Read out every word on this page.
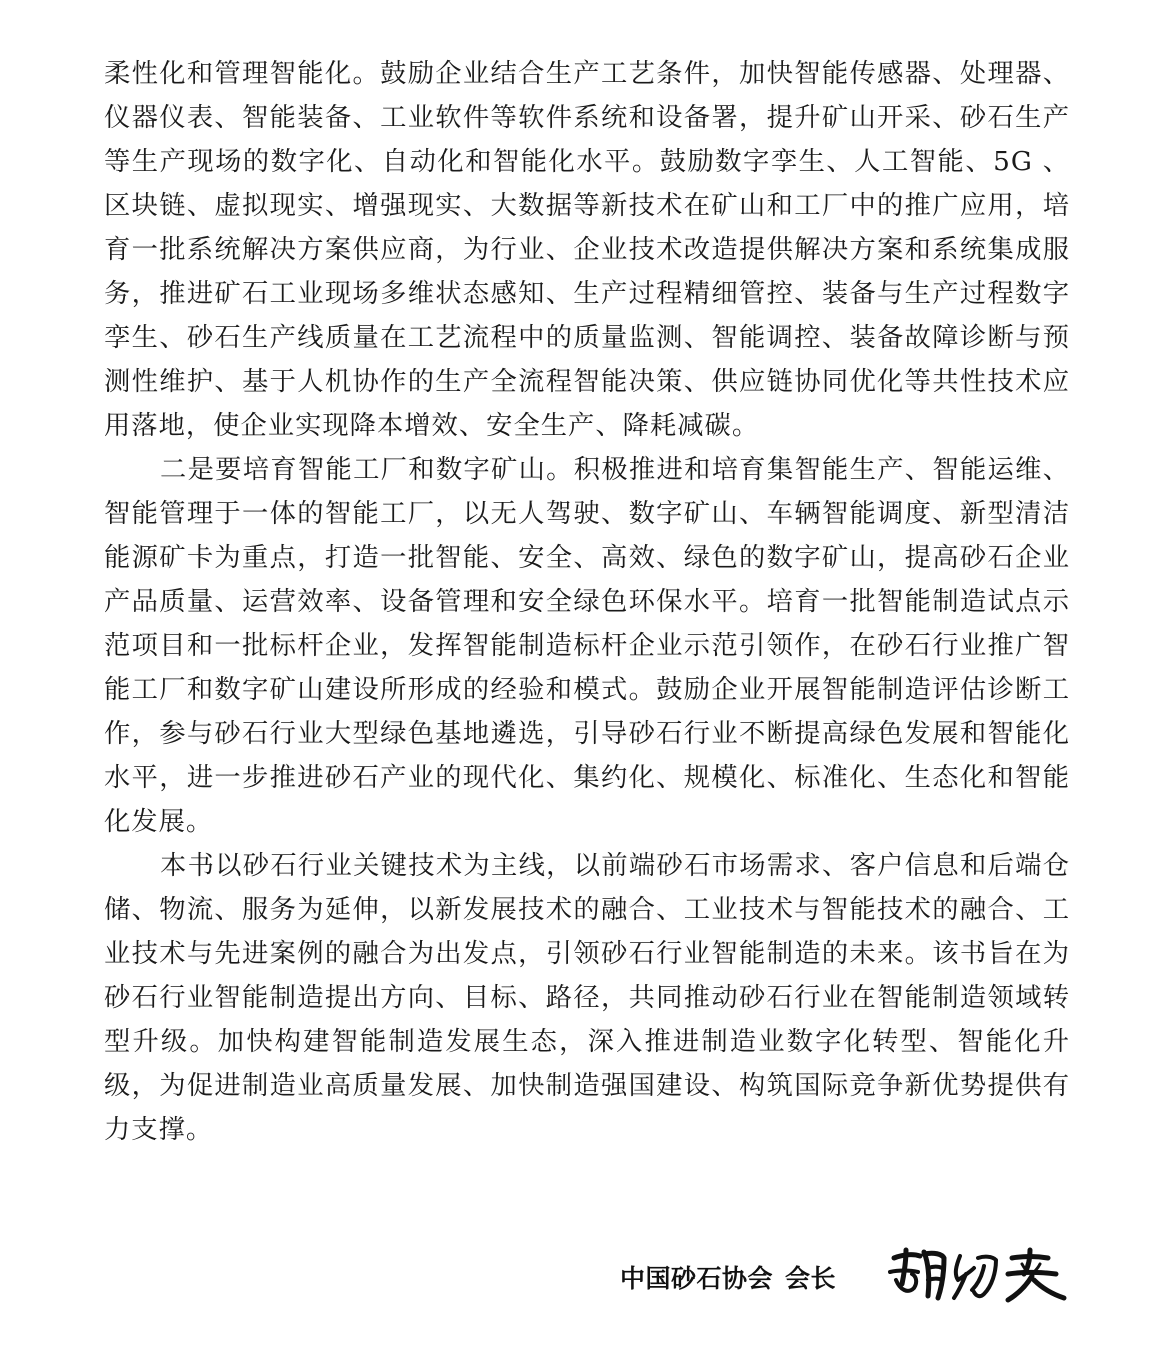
柔性化和管理智能化。鼓励企业结合生产工艺条件，加快智能传感器、处理器、仪器仪表、智能装备、工业软件等软件系统和设备署，提升矿山开采、砂石生产等生产现场的数字化、自动化和智能化水平。鼓励数字孪生、人工智能、5G 、区块链、虚拟现实、增强现实、大数据等新技术在矿山和工厂中的推广应用，培育一批系统解决方案供应商，为行业、企业技术改造提供解决方案和系统集成服务，推进矿石工业现场多维状态感知、生产过程精细管控、装备与生产过程数字孪生、砂石生产线质量在工艺流程中的质量监测、智能调控、装备故障诊断与预测性维护、基于人机协作的生产全流程智能决策、供应链协同优化等共性技术应用落地，使企业实现降本增效、安全生产、降耗减碳。

二是要培育智能工厂和数字矿山。积极推进和培育集智能生产、智能运维、智能管理于一体的智能工厂，以无人驾驶、数字矿山、车辆智能调度、新型清洁能源矿卡为重点，打造一批智能、安全、高效、绿色的数字矿山，提高砂石企业产品质量、运营效率、设备管理和安全绿色环保水平。培育一批智能制造试点示范项目和一批标杆企业，发挥智能制造标杆企业示范引领作，在砂石行业推广智能工厂和数字矿山建设所形成的经验和模式。鼓励企业开展智能制造评估诊断工作，参与砂石行业大型绿色基地遴选，引导砂石行业不断提高绿色发展和智能化水平，进一步推进砂石产业的现代化、集约化、规模化、标准化、生态化和智能化发展。

本书以砂石行业关键技术为主线，以前端砂石市场需求、客户信息和后端仓储、物流、服务为延伸，以新发展技术的融合、工业技术与智能技术的融合、工业技术与先进案例的融合为出发点，引领砂石行业智能制造的未来。该书旨在为砂石行业智能制造提出方向、目标、路径，共同推动砂石行业在智能制造领域转型升级。加快构建智能制造发展生态，深入推进制造业数字化转型、智能化升级，为促进制造业高质量发展、加快制造强国建设、构筑国际竞争新优势提供有力支撑。

中国砂石协会 会长
